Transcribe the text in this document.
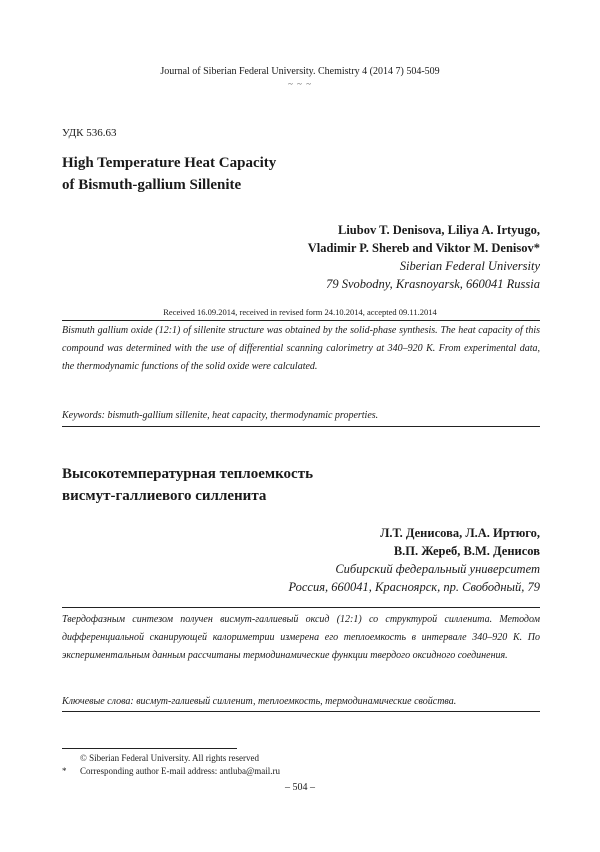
Journal of Siberian Federal University. Chemistry 4 (2014 7) 504-509
~ ~ ~
УДК 536.63
High Temperature Heat Capacity
of Bismuth-gallium Sillenite
Liubov T. Denisova, Liliya A. Irtyugo,
Vladimir P. Shereb and Viktor M. Denisov*
Siberian Federal University
79 Svobodny, Krasnoyarsk, 660041 Russia
Received 16.09.2014, received in revised form 24.10.2014, accepted 09.11.2014
Bismuth gallium oxide (12:1) of sillenite structure was obtained by the solid-phase synthesis. The heat capacity of this compound was determined with the use of differential scanning calorimetry at 340–920 K. From experimental data, the thermodynamic functions of the solid oxide were calculated.
Keywords: bismuth-gallium sillenite, heat capacity, thermodynamic properties.
Высокотемпературная теплоемкость
висмут-галлиевого силленита
Л.Т. Денисова, Л.А. Иртюго,
В.П. Жереб, В.М. Денисов
Сибирский федеральный университет
Россия, 660041, Красноярск, пр. Свободный, 79
Твердофазным синтезом получен висмут-галлиевый оксид (12:1) со структурой силленита. Методом дифференциальной сканирующей калориметрии измерена его теплоемкость в интервале 340–920 К. По экспериментальным данным рассчитаны термодинамические функции твердого оксидного соединения.
Ключевые слова: висмут-галиевый силленит, теплоемкость, термодинамические свойства.
© Siberian Federal University. All rights reserved
*	Corresponding author E-mail address: antluba@mail.ru
– 504 –
